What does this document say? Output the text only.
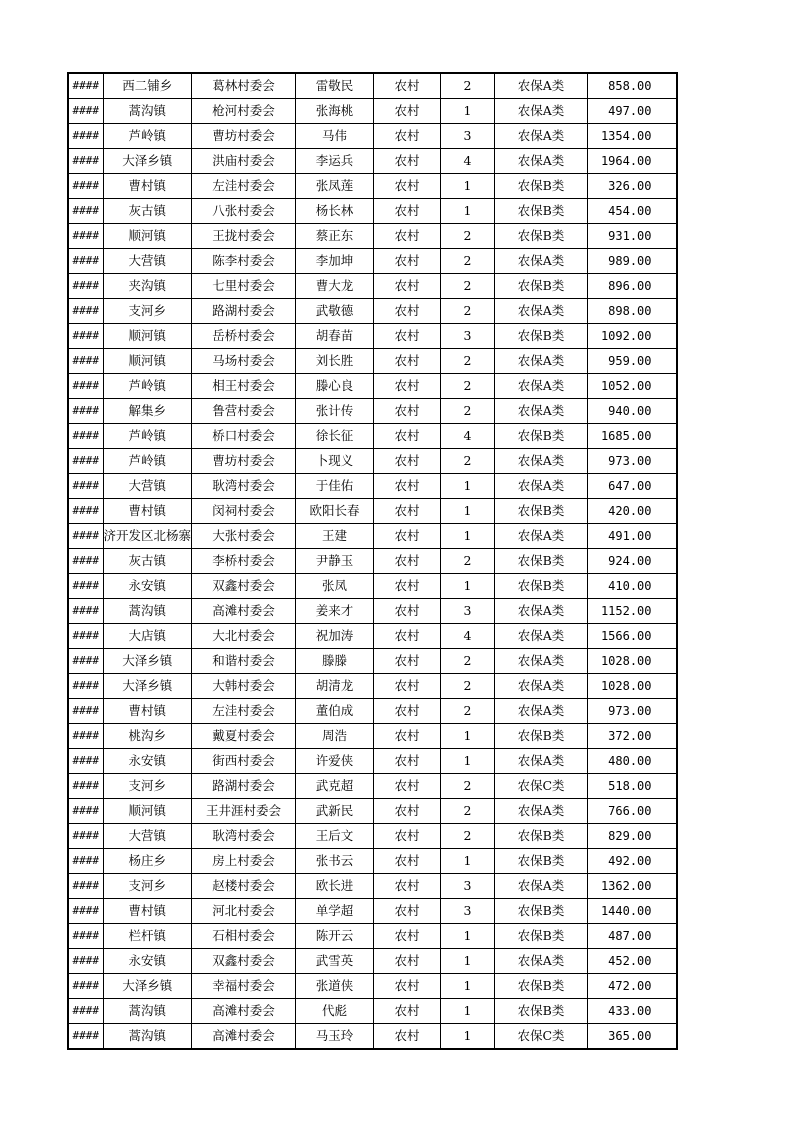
####	西二铺乡	葛林村委会	雷敬民	农村	2	农保A类	858.00
####	蒿沟镇	枪河村委会	张海桃	农村	1	农保A类	497.00
####	芦岭镇	曹坊村委会	马伟	农村	3	农保A类	1354.00
####	大泽乡镇	洪庙村委会	李运兵	农村	4	农保A类	1964.00
####	曹村镇	左洼村委会	张凤莲	农村	1	农保B类	326.00
####	灰古镇	八张村委会	杨长林	农村	1	农保B类	454.00
####	顺河镇	王拢村委会	蔡正东	农村	2	农保B类	931.00
####	大营镇	陈李村委会	李加坤	农村	2	农保A类	989.00
####	夹沟镇	七里村委会	曹大龙	农村	2	农保B类	896.00
####	支河乡	路湖村委会	武敬德	农村	2	农保A类	898.00
####	顺河镇	岳桥村委会	胡春苗	农村	3	农保B类	1092.00
####	顺河镇	马场村委会	刘长胜	农村	2	农保A类	959.00
####	芦岭镇	相王村委会	滕心良	农村	2	农保A类	1052.00
####	解集乡	鲁营村委会	张计传	农村	2	农保A类	940.00
####	芦岭镇	桥口村委会	徐长征	农村	4	农保B类	1685.00
####	芦岭镇	曹坊村委会	卜现义	农村	2	农保A类	973.00
####	大营镇	耿湾村委会	于佳佑	农村	1	农保A类	647.00
####	曹村镇	闵祠村委会	欧阳长春	农村	1	农保B类	420.00
####	济开发区北杨寨	大张村委会	王建	农村	1	农保A类	491.00
####	灰古镇	李桥村委会	尹静玉	农村	2	农保B类	924.00
####	永安镇	双鑫村委会	张凤	农村	1	农保B类	410.00
####	蒿沟镇	高滩村委会	姜来才	农村	3	农保A类	1152.00
####	大店镇	大北村委会	祝加涛	农村	4	农保A类	1566.00
####	大泽乡镇	和谐村委会	滕滕	农村	2	农保A类	1028.00
####	大泽乡镇	大韩村委会	胡清龙	农村	2	农保A类	1028.00
####	曹村镇	左洼村委会	董伯成	农村	2	农保A类	973.00
####	桃沟乡	戴夏村委会	周浩	农村	1	农保B类	372.00
####	永安镇	街西村委会	许爱侠	农村	1	农保A类	480.00
####	支河乡	路湖村委会	武克超	农村	2	农保C类	518.00
####	顺河镇	王井涯村委会	武新民	农村	2	农保A类	766.00
####	大营镇	耿湾村委会	王后文	农村	2	农保B类	829.00
####	杨庄乡	房上村委会	张书云	农村	1	农保B类	492.00
####	支河乡	赵楼村委会	欧长进	农村	3	农保A类	1362.00
####	曹村镇	河北村委会	单学超	农村	3	农保B类	1440.00
####	栏杆镇	石相村委会	陈开云	农村	1	农保B类	487.00
####	永安镇	双鑫村委会	武雪英	农村	1	农保A类	452.00
####	大泽乡镇	幸福村委会	张道侠	农村	1	农保B类	472.00
####	蒿沟镇	高滩村委会	代彪	农村	1	农保B类	433.00
####	蒿沟镇	高滩村委会	马玉玲	农村	1	农保C类	365.00
